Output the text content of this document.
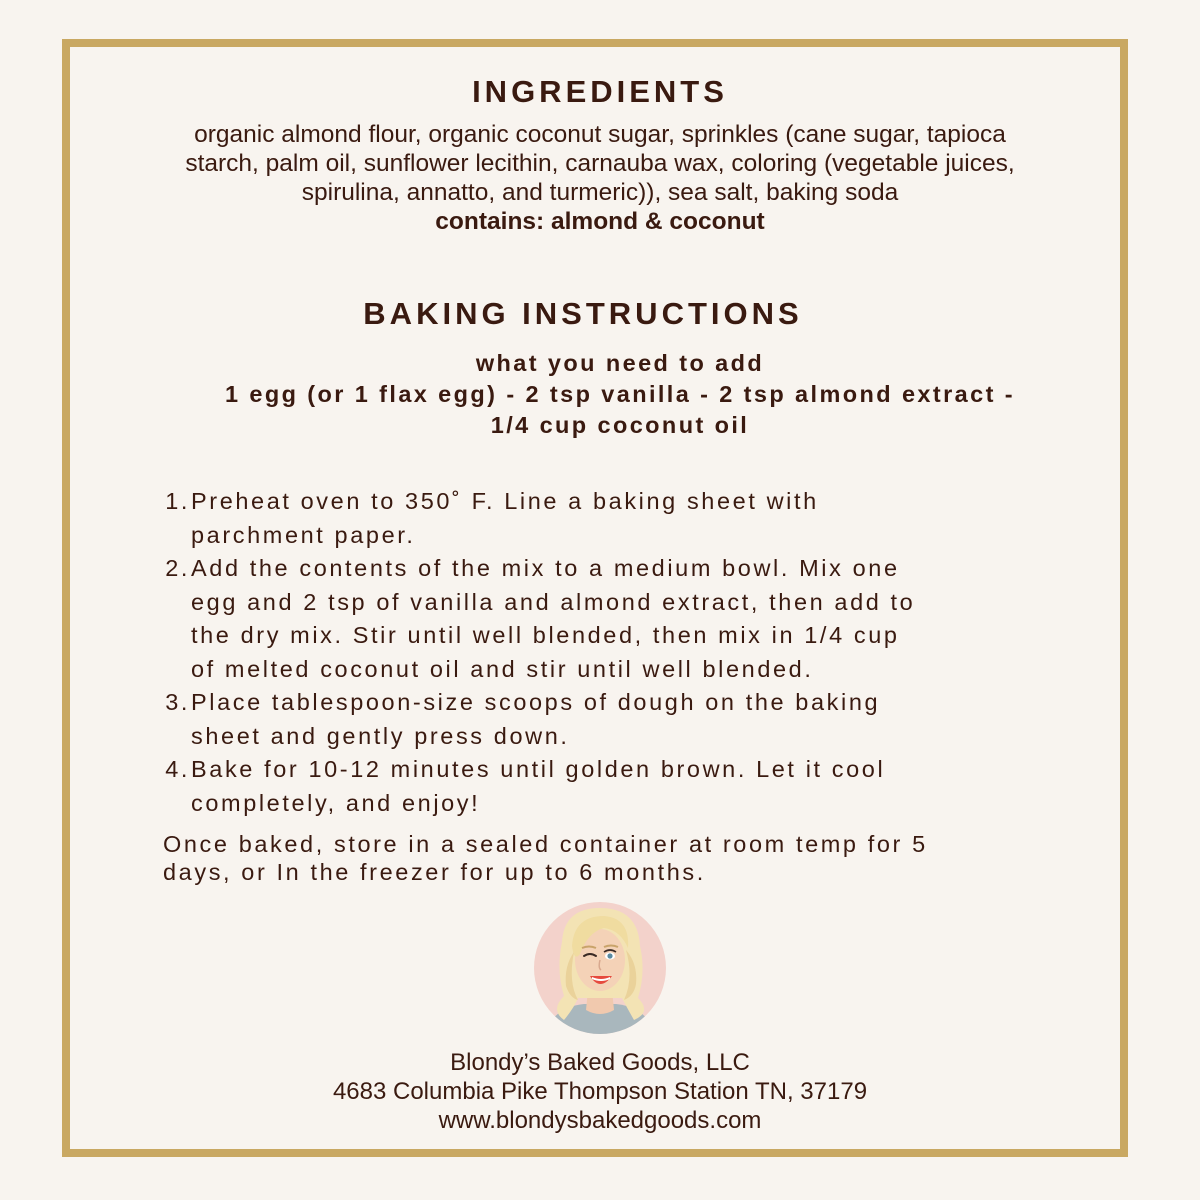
INGREDIENTS

organic almond flour, organic coconut sugar, sprinkles (cane sugar, tapioca
starch, palm oil, sunflower lecithin, carnauba wax, coloring (vegetable juices,
spirulina, annatto, and turmeric)), sea salt, baking soda
contains: almond & coconut

BAKING INSTRUCTIONS

what you need to add
1 egg (or 1 flax egg) - 2 tsp vanilla - 2 tsp almond extract -
1/4 cup coconut oil

1. Preheat oven to 350˚ F. Line a baking sheet with
parchment paper.
2. Add the contents of the mix to a medium bowl. Mix one
egg and 2 tsp of vanilla and almond extract, then add to
the dry mix. Stir until well blended, then mix in 1/4 cup
of melted coconut oil and stir until well blended.
3. Place tablespoon-size scoops of dough on the baking
sheet and gently press down.
4. Bake for 10-12 minutes until golden brown. Let it cool
completely, and enjoy!

Once baked, store in a sealed container at room temp for 5
days, or In the freezer for up to 6 months.

Blondy’s Baked Goods, LLC
4683 Columbia Pike Thompson Station TN, 37179
www.blondysbakedgoods.com
